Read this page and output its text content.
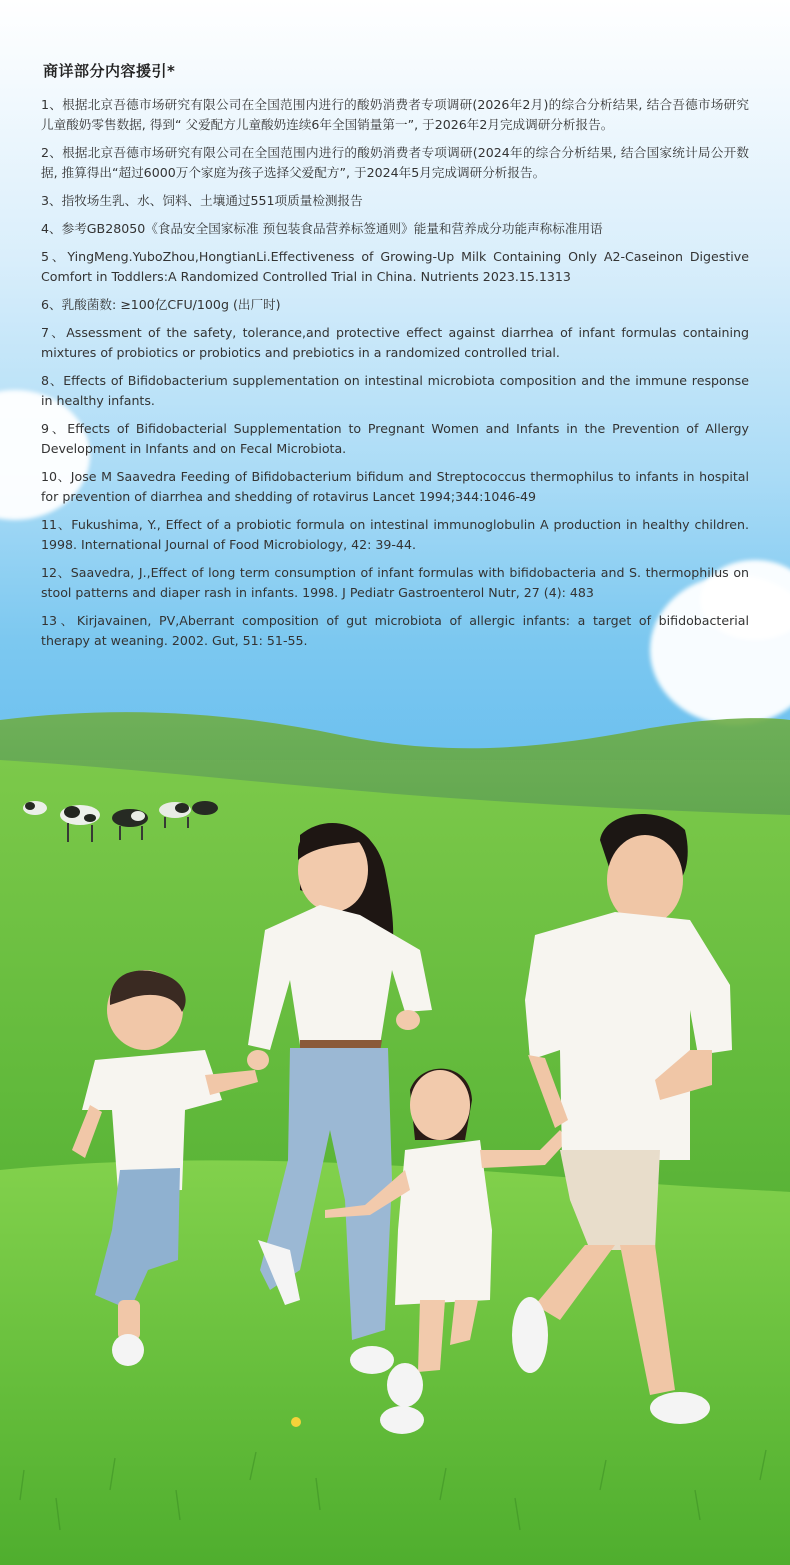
商详部分内容援引*

1、根据北京吾德市场研究有限公司在全国范围内进行的酸奶消费者专项调研(2026年2月)的综合分析结果, 结合吾德市场研究儿童酸奶零售数据, 得到“ 父爱配方儿童酸奶连续6年全国销量第一”, 于2026年2月完成调研分析报告。

2、根据北京吾德市场研究有限公司在全国范围内进行的酸奶消费者专项调研(2024年的综合分析结果, 结合国家统计局公开数据, 推算得出“超过6000万个家庭为孩子选择父爱配方”, 于2024年5月完成调研分析报告。

3、指牧场生乳、水、饲料、土壤通过551项质量检测报告

4、参考GB28050《食品安全国家标准 预包装食品营养标签通则》能量和营养成分功能声称标准用语

5、YingMeng.YuboZhou,HongtianLi.Effectiveness of Growing-Up Milk Containing Only A2-Caseinon Digestive Comfort in Toddlers:A Randomized Controlled Trial in China. Nutrients 2023.15.1313

6、乳酸菌数: ≥100亿CFU/100g (出厂时)

7、Assessment of the safety, tolerance,and protective effect against diarrhea of infant formulas containing mixtures of probiotics or probiotics and prebiotics in a randomized controlled trial.

8、Effects of Bifidobacterium supplementation on intestinal microbiota composition and the immune response in healthy infants.

9、Effects of Bifidobacterial Supplementation to Pregnant Women and Infants in the Prevention of Allergy Development in Infants and on Fecal Microbiota.

10、Jose M Saavedra Feeding of Bifidobacterium bifidum and Streptococcus thermophilus to infants in hospital for prevention of diarrhea and shedding of rotavirus Lancet 1994;344:1046-49

11、Fukushima, Y., Effect of a probiotic formula on intestinal immunoglobulin A production in healthy children. 1998. International Journal of Food Microbiology, 42: 39-44.

12、Saavedra, J.,Effect of long term consumption of infant formulas with bifidobacteria and S. thermophilus on stool patterns and diaper rash in infants. 1998. J Pediatr Gastroenterol Nutr, 27 (4): 483

13、Kirjavainen, PV,Aberrant composition of gut microbiota of allergic infants: a target of bifidobacterial therapy at weaning. 2002. Gut, 51: 51-55.
